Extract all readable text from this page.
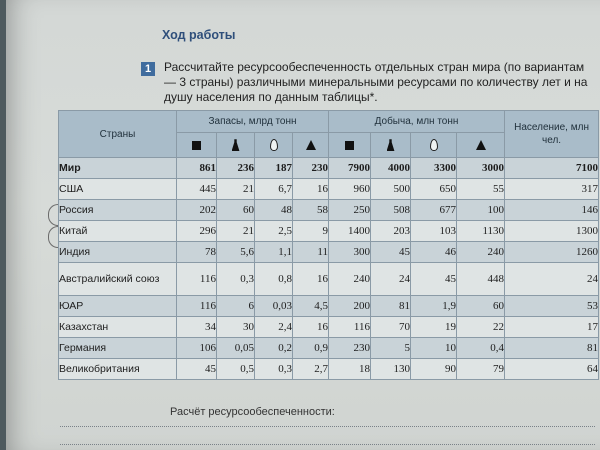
Ход работы
1	Рассчитайте ресурсообеспеченность отдельных стран мира (по вариантам — 3 страны) различными минеральными ресурсами по количеству лет и на душу населения по данным таблицы*.
Страны	Запасы, млрд тонн				Добыча, млн тонн				Население, млн чел.

Мир	861	236	187	230	7900	4000	3300	3000	7100
США	445	21	6,7	16	960	500	650	55	317
Россия	202	60	48	58	250	508	677	100	146
Китай	296	21	2,5	9	1400	203	103	1130	1300
Индия	78	5,6	1,1	11	300	45	46	240	1260
Австралийский союз	116	0,3	0,8	16	240	24	45	448	24
ЮАР	116	6	0,03	4,5	200	81	1,9	60	53
Казахстан	34	30	2,4	16	116	70	19	22	17
Германия	106	0,05	0,2	0,9	230	5	10	0,4	81
Великобритания	45	0,5	0,3	2,7	18	130	90	79	64
Расчёт ресурсообеспеченности:
